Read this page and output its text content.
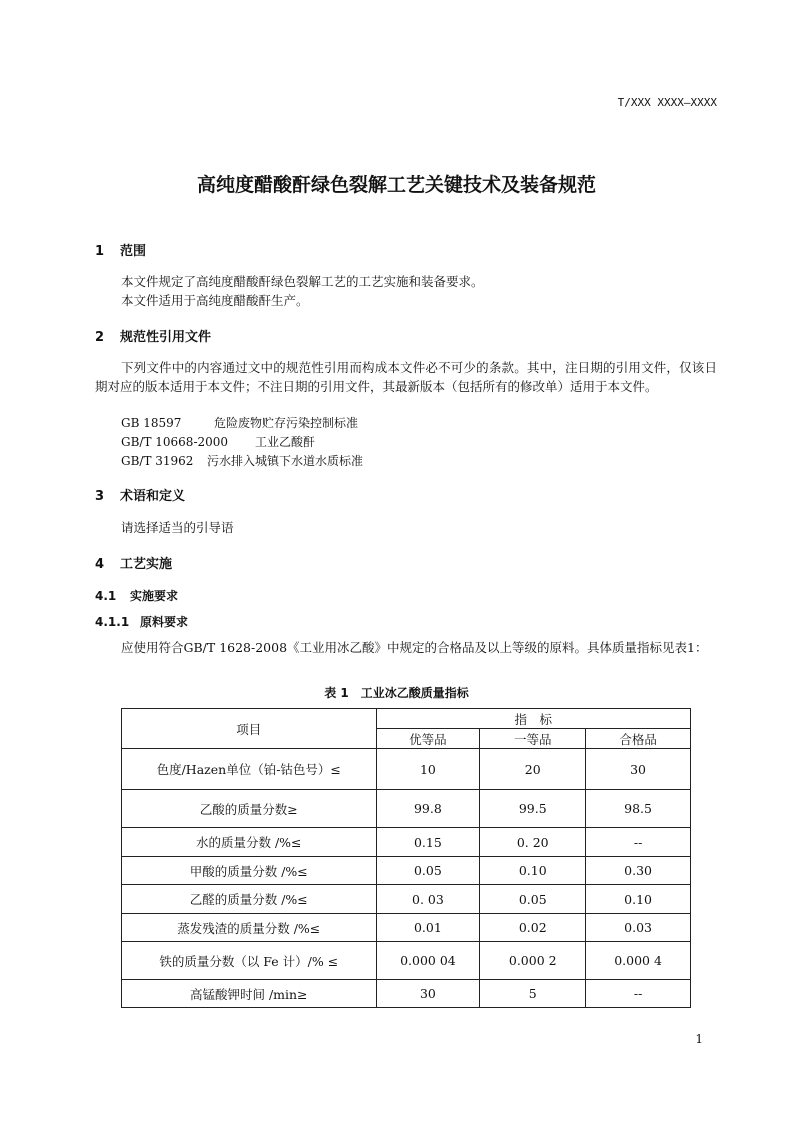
T/XXX XXXX—XXXX
高纯度醋酸酐绿色裂解工艺关键技术及装备规范
1 范围
本文件规定了高纯度醋酸酐绿色裂解工艺的工艺实施和装备要求。
本文件适用于高纯度醋酸酐生产。
2 规范性引用文件
下列文件中的内容通过文中的规范性引用而构成本文件必不可少的条款。其中，注日期的引用文件，仅该日期对应的版本适用于本文件；不注日期的引用文件，其最新版本（包括所有的修改单）适用于本文件。
GB 18597	危险废物贮存污染控制标准
GB/T 10668-2000 工业乙酸酐
GB/T 31962 污水排入城镇下水道水质标准
3 术语和定义
请选择适当的引导语
4 工艺实施
4.1 实施要求
4.1.1 原料要求
应使用符合GB/T 1628-2008《工业用冰乙酸》中规定的合格品及以上等级的原料。具体质量指标见表1：
表 1　工业冰乙酸质量指标
项目	指　标		
	优等品	一等品	合格品
色度/Hazen单位（铂-钴色号）≤	10	20	30
乙酸的质量分数≥	99.8	99.5	98.5
水的质量分数 /%≤	0.15	0. 20	--
甲酸的质量分数 /%≤	0.05	0.10	0.30
乙醛的质量分数 /%≤	0. 03	0.05	0.10
蒸发残渣的质量分数 /%≤	0.01	0.02	0.03
铁的质量分数（以 Fe 计）/% ≤	0.000 04	0.000 2	0.000 4
高锰酸钾时间 /min≥	30	5	--
1
